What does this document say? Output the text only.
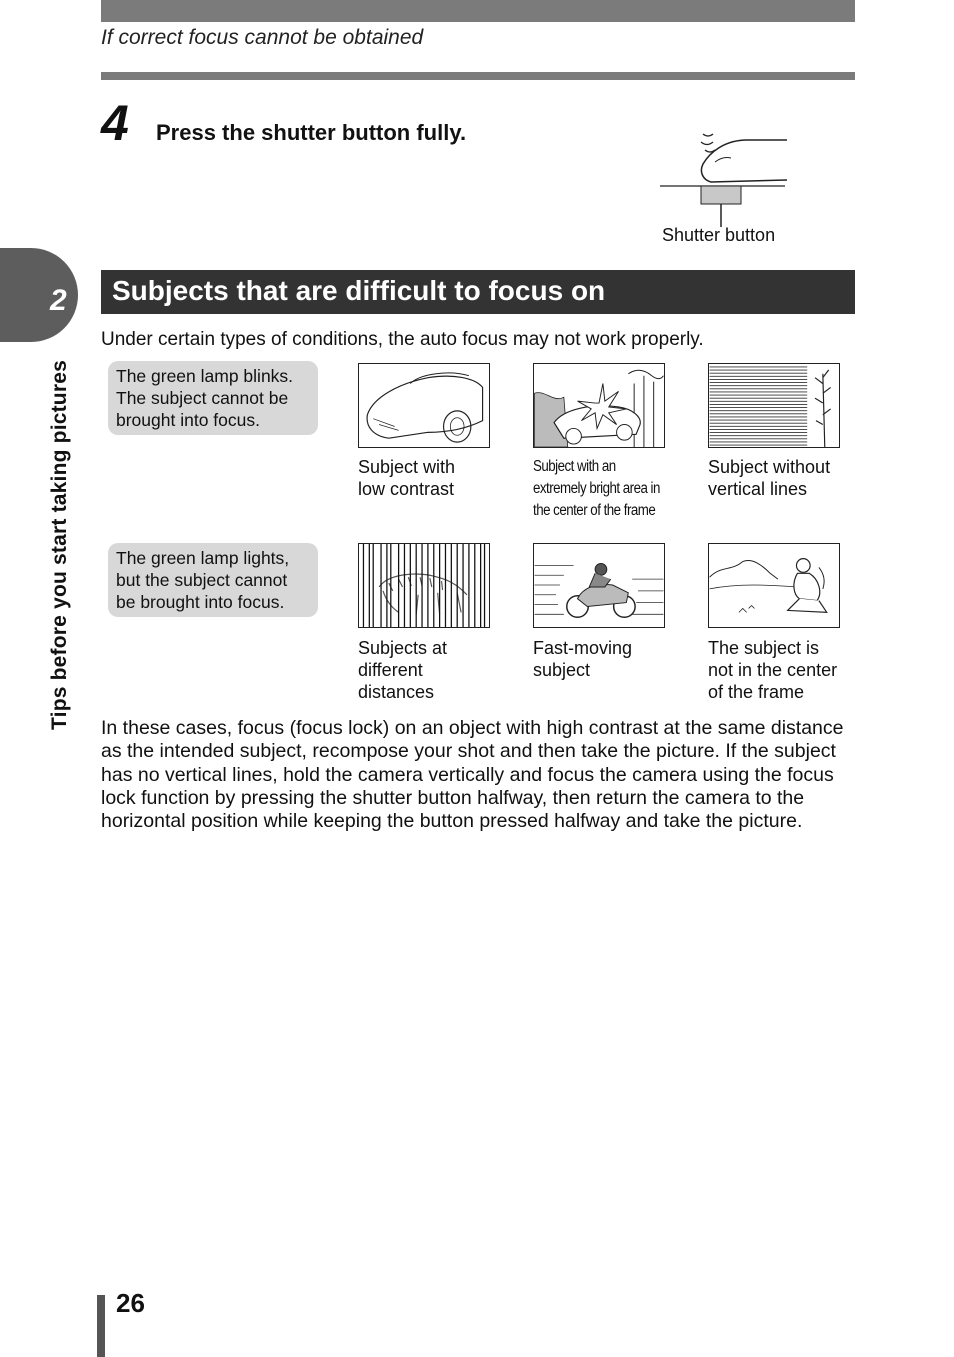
If correct focus cannot be obtained
4 Press the shutter button fully.
Shutter button
2
Tips before you start taking pictures
Subjects that are difficult to focus on
Under certain types of conditions, the auto focus may not work properly.
The green lamp blinks.
The subject cannot be
brought into focus.
Subject with
low contrast
Subject with an
extremely bright area in
the center of the frame
Subject without
vertical lines
The green lamp lights,
but the subject cannot
be brought into focus.
Subjects at
different
distances
Fast-moving
subject
The subject is
not in the center
of the frame
In these cases, focus (focus lock) on an object with high contrast at the same distance as the intended subject, recompose your shot and then take the picture. If the subject has no vertical lines, hold the camera vertically and focus the camera using the focus lock function by pressing the shutter button halfway, then return the camera to the horizontal position while keeping the button pressed halfway and take the picture.
26
